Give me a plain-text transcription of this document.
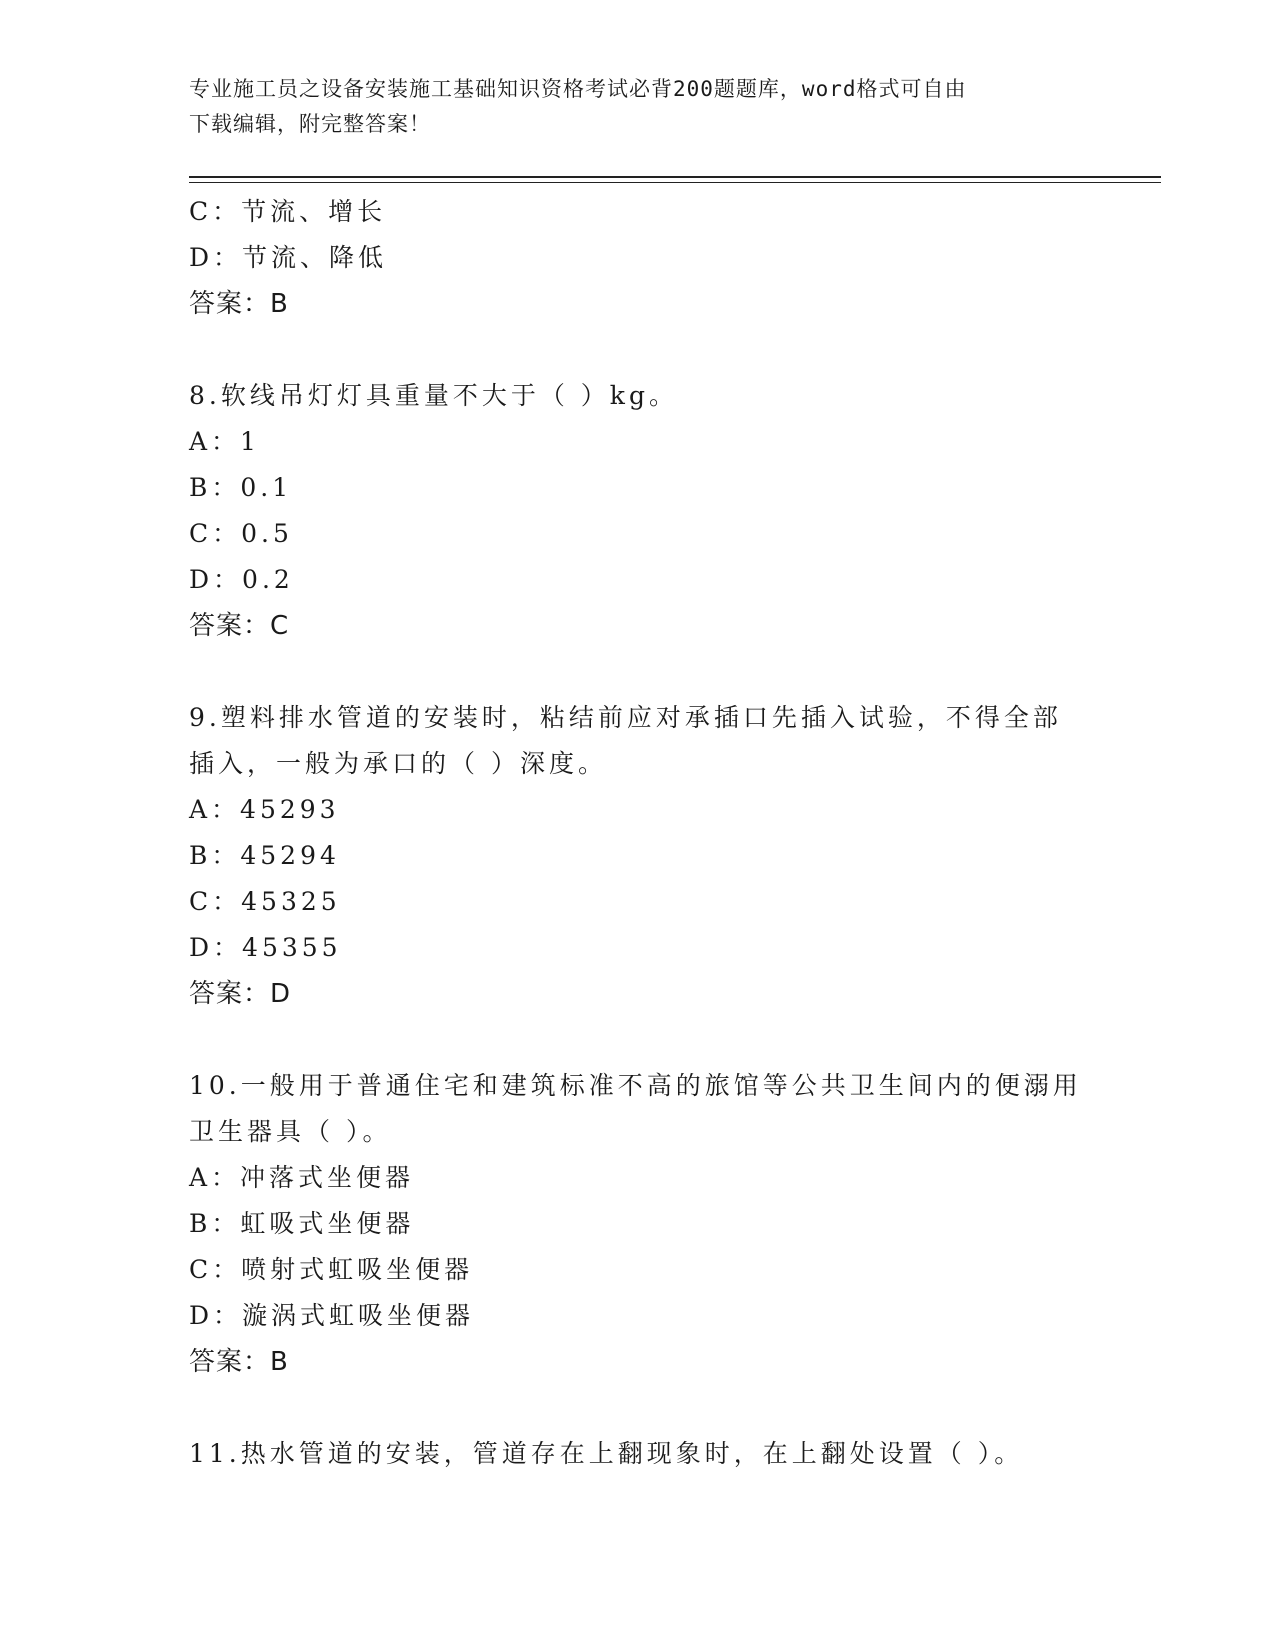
专业施工员之设备安装施工基础知识资格考试必背200题题库，word格式可自由
下载编辑，附完整答案！
C：节流、增长
D：节流、降低
答案：B
8.软线吊灯灯具重量不大于（ ）kg。
A：1
B：0.1
C：0.5
D：0.2
答案：C
9.塑料排水管道的安装时，粘结前应对承插口先插入试验，不得全部
插入，一般为承口的（ ）深度。
A：45293
B：45294
C：45325
D：45355
答案：D
10.一般用于普通住宅和建筑标准不高的旅馆等公共卫生间内的便溺用
卫生器具（ ）。
A：冲落式坐便器
B：虹吸式坐便器
C：喷射式虹吸坐便器
D：漩涡式虹吸坐便器
答案：B
11.热水管道的安装，管道存在上翻现象时，在上翻处设置（ ）。
